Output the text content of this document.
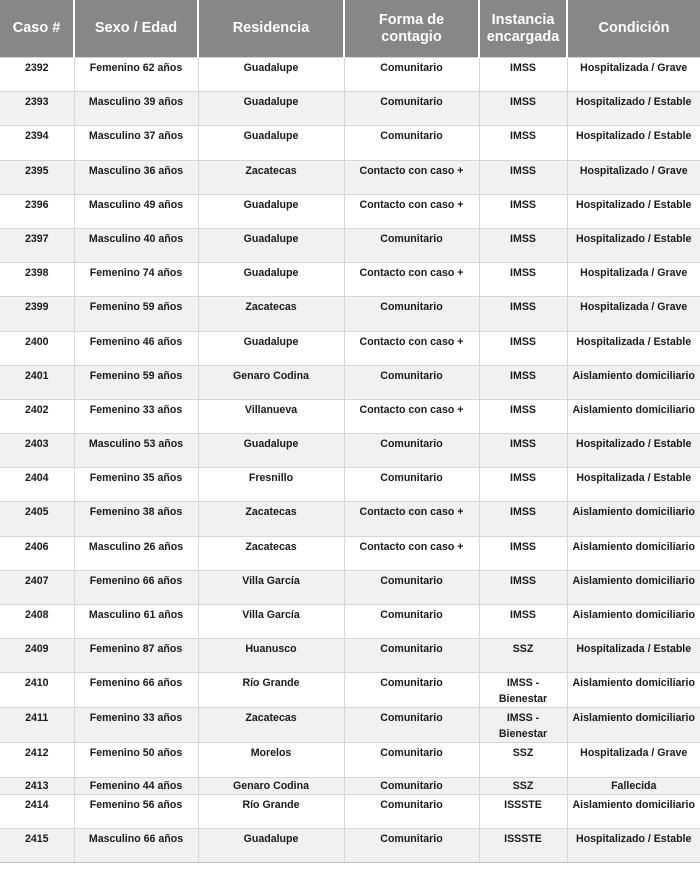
Caso #	Sexo / Edad	Residencia	Forma de contagio	Instancia encargada	Condición
2392	Femenino 62 años	Guadalupe	Comunitario	IMSS	Hospitalizada / Grave
2393	Masculino 39 años	Guadalupe	Comunitario	IMSS	Hospitalizado / Estable
2394	Masculino 37 años	Guadalupe	Comunitario	IMSS	Hospitalizado / Estable
2395	Masculino 36 años	Zacatecas	Contacto con caso +	IMSS	Hospitalizado / Grave
2396	Masculino 49 años	Guadalupe	Contacto con caso +	IMSS	Hospitalizado / Estable
2397	Masculino 40 años	Guadalupe	Comunitario	IMSS	Hospitalizado / Estable
2398	Femenino 74 años	Guadalupe	Contacto con caso +	IMSS	Hospitalizada / Grave
2399	Femenino 59 años	Zacatecas	Comunitario	IMSS	Hospitalizada / Grave
2400	Femenino 46 años	Guadalupe	Contacto con caso +	IMSS	Hospitalizada / Estable
2401	Femenino 59 años	Genaro Codina	Comunitario	IMSS	Aislamiento domiciliario
2402	Femenino 33 años	Villanueva	Contacto con caso +	IMSS	Aislamiento domiciliario
2403	Masculino 53 años	Guadalupe	Comunitario	IMSS	Hospitalizado / Estable
2404	Femenino 35 años	Fresnillo	Comunitario	IMSS	Hospitalizada / Estable
2405	Femenino 38 años	Zacatecas	Contacto con caso +	IMSS	Aislamiento domiciliario
2406	Masculino 26 años	Zacatecas	Contacto con caso +	IMSS	Aislamiento domiciliario
2407	Femenino 66 años	Villa García	Comunitario	IMSS	Aislamiento domiciliario
2408	Masculino 61 años	Villa García	Comunitario	IMSS	Aislamiento domiciliario
2409	Femenino 87 años	Huanusco	Comunitario	SSZ	Hospitalizada / Estable
2410	Femenino 66 años	Río Grande	Comunitario	IMSS - Bienestar	Aislamiento domiciliario
2411	Femenino 33 años	Zacatecas	Comunitario	IMSS - Bienestar	Aislamiento domiciliario
2412	Femenino 50 años	Morelos	Comunitario	SSZ	Hospitalizada / Grave
2413	Femenino 44 años	Genaro Codina	Comunitario	SSZ	Fallecida
2414	Femenino 56 años	Río Grande	Comunitario	ISSSTE	Aislamiento domiciliario
2415	Masculino 66 años	Guadalupe	Comunitario	ISSSTE	Hospitalizado / Estable
